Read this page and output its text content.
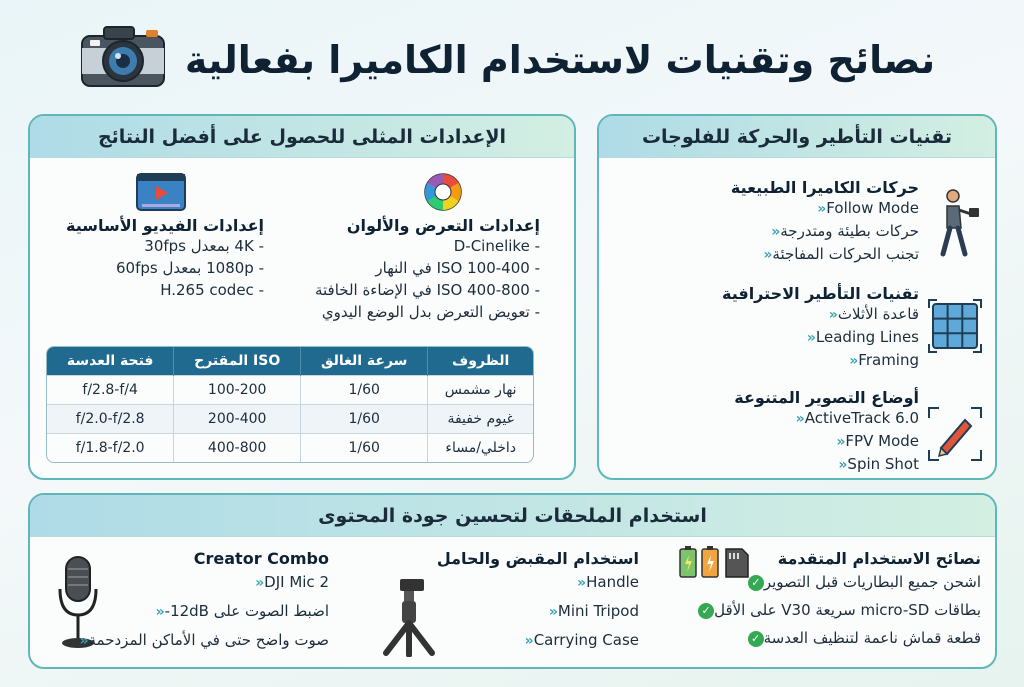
نصائح وتقنيات لاستخدام الكاميرا بفعالية
تقنيات التأطير والحركة للفلوجات
حركات الكاميرا الطبيعية
Follow Mode«
حركات بطيئة ومتدرجة«
تجنب الحركات المفاجئة«
تقنيات التأطير الاحترافية
قاعدة الأثلاث«
Leading Lines«
Framing«
أوضاع التصوير المتنوعة
ActiveTrack 6.0«
FPV Mode«
Spin Shot«
الإعدادات المثلى للحصول على أفضل النتائج
إعدادات التعرض والألوان
- D-Cinelike
- ISO 100-400 في النهار
- ISO 400-800 في الإضاءة الخافتة
- تعويض التعرض بدل الوضع اليدوي
إعدادات الفيديو الأساسية
- 4K بمعدل 30fps
- 1080p بمعدل 60fps
- H.265 codec
الظروف	سرعة الغالق	ISO المقترح	فتحة العدسة
نهار مشمس	1/60	100-200	f/2.8-f/4
غيوم خفيفة	1/60	200-400	f/2.0-f/2.8
داخلي/مساء	1/60	400-800	f/1.8-f/2.0
استخدام الملحقات لتحسين جودة المحتوى
نصائح الاستخدام المتقدمة
اشحن جميع البطاريات قبل التصوير✓
بطاقات micro-SD سريعة V30 على الأقل✓
قطعة قماش ناعمة لتنظيف العدسة✓
استخدام المقبض والحامل
Handle«
Mini Tripod«
Carrying Case«
Creator Combo
DJI Mic 2«
اضبط الصوت على 12dB-«
صوت واضح حتى في الأماكن المزدحمة«
